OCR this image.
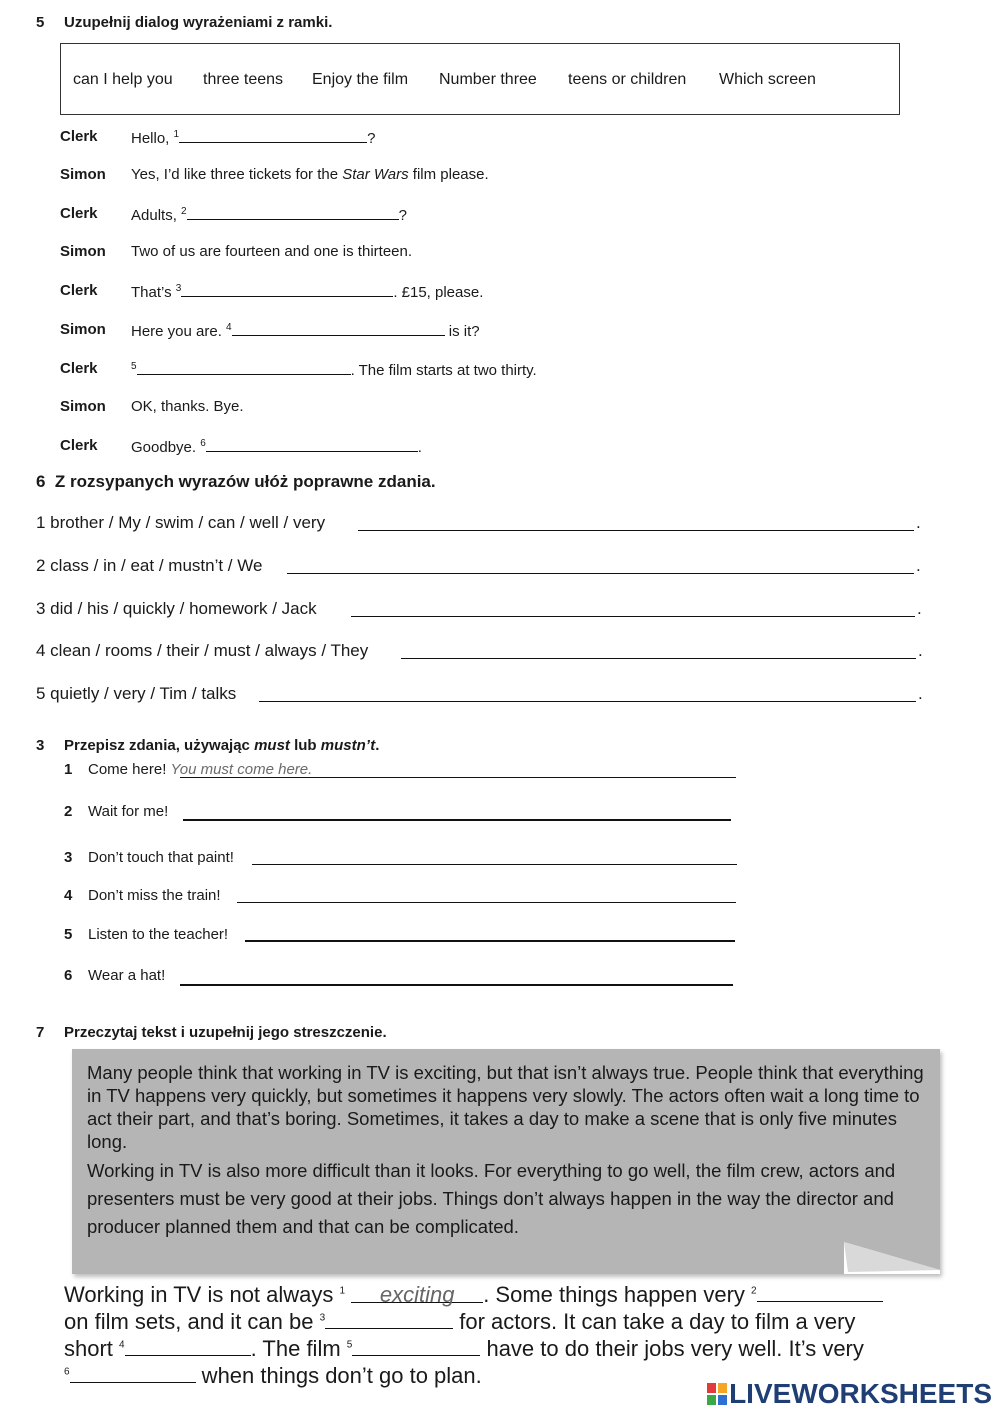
5 Uzupełnij dialog wyrażeniami z ramki.
can I help you three teens Enjoy the film Number three teens or children Which screen
Clerk Hello, $^1$	?
Simon Yes, I’d like three tickets for the Star Wars film please.
Clerk Adults, $^2$	?
Simon Two of us are fourteen and one is thirteen.
Clerk That’s $^3$	. £15, please.
Simon Here you are. $^4$	is it?
Clerk	$^5$	. The film starts at two thirty.
Simon OK, thanks. Bye.
Clerk Goodbye. $^6$	.
6 Z rozsypanych wyrazów ułóż poprawne zdania.
1 brother / My / swim / can / well / very	.
2 class / in / eat / mustn’t / We	.
3 did / his / quickly / homework / Jack	.
4 clean / rooms / their / must / always / They	.
5 quietly / very / Tim / talks	.
3 Przepisz zdania, używając must lub mustn’t.
1 Come here! You must come here.
2 Wait for me!
3 Don’t touch that paint!
4 Don’t miss the train!
5 Listen to the teacher!
6 Wear a hat!
7 Przeczytaj tekst i uzupełnij jego streszczenie.

Many people think that working in TV is exciting, but that isn’t always true. People think that everything in TV happens very quickly, but sometimes it happens very slowly. The actors often wait a long time to act their part, and that’s boring. Sometimes, it takes a day to make a scene that is only five minutes long.

Working in TV is also more difficult than it looks. For everything to go well, the film crew, actors and presenters must be very good at their jobs. Things don’t always happen in the way the director and producer planned them and that can be complicated.

Working in TV is not always $^1$ exciting . Some things happen very $^2$
on film sets, and it can be $^3$	for actors. It can take a day to film a very
short $^4$	. The film $^5$	have to do their jobs very well. It’s very
$^6$	when things don’t go to plan.
LIVEWORKSHEETS
